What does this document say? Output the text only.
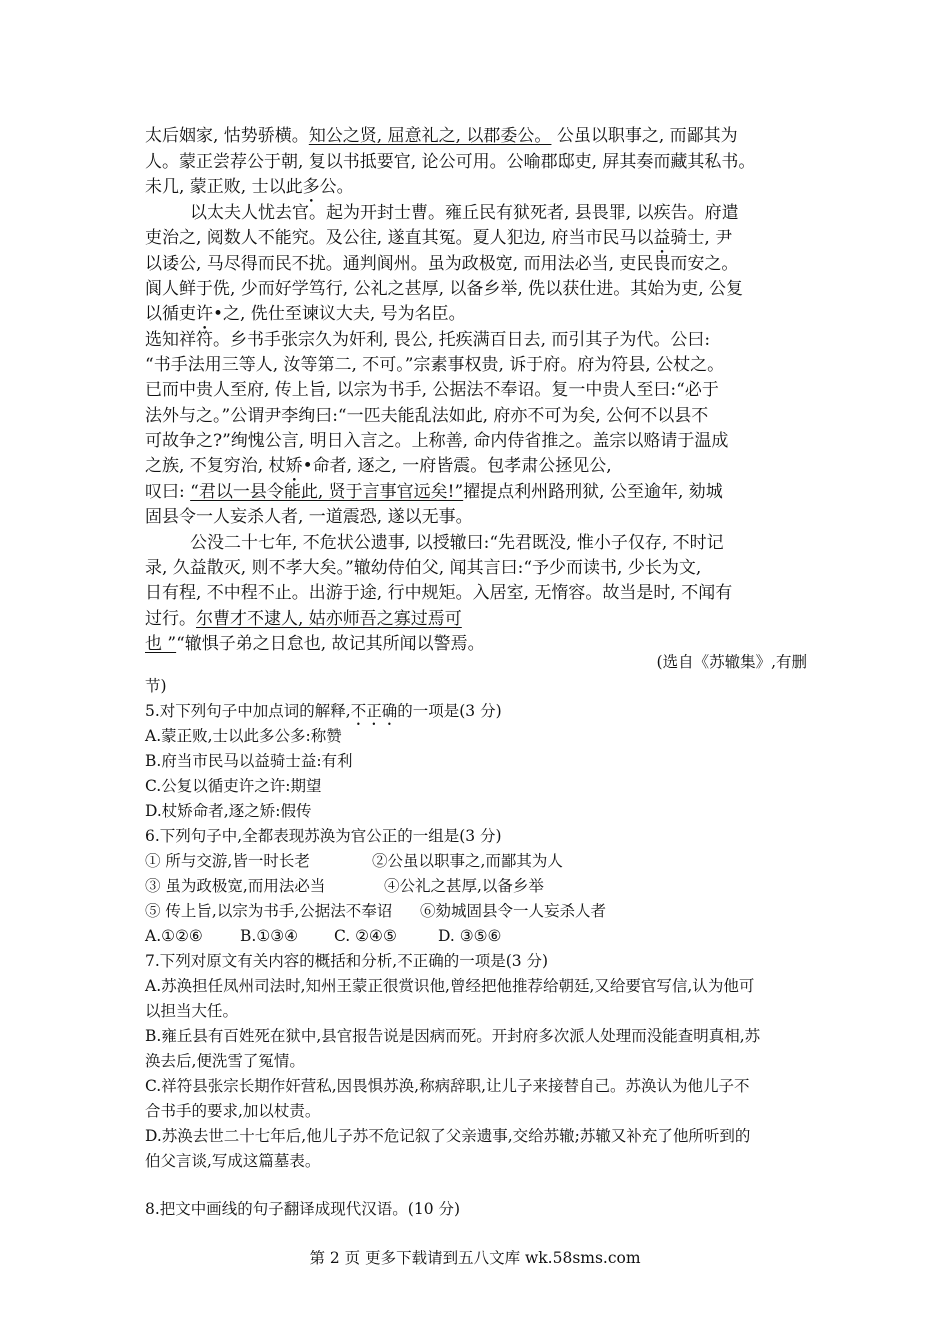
太后姻家, 怙势骄横。知公之贤, 屈意礼之, 以郡委公。 公虽以职事之, 而鄙其为
人。蒙正尝荐公于朝, 复以书抵要官, 论公可用。公喻郡邸吏, 屏其奏而藏其私书。
未几, 蒙正败, 士以此多公。
以太夫人忧去官。起为开封士曹。雍丘民有狱死者, 县畏罪, 以疾告。府遣
吏治之, 阅数人不能究。及公往, 遂直其冤。夏人犯边, 府当市民马以益骑士, 尹
以诿公, 马尽得而民不扰。通判阆州。虽为政极宽, 而用法必当, 吏民畏而安之。
阆人鲜于侁, 少而好学笃行, 公礼之甚厚, 以备乡举, 侁以获仕进。其始为吏, 公复
以循吏许•之, 侁仕至谏议大夫, 号为名臣。
选知祥符。乡书手张宗久为奸利, 畏公, 托疾满百日去, 而引其子为代。公曰:
“书手法用三等人, 汝等第二, 不可。”宗素事权贵, 诉于府。府为符县, 公杖之。
已而中贵人至府, 传上旨, 以宗为书手, 公据法不奉诏。复一中贵人至曰:“必于
法外与之。”公谓尹李绚曰:“一匹夫能乱法如此, 府亦不可为矣, 公何不以县不
可故争之?”绚愧公言, 明日入言之。上称善, 命内侍省推之。盖宗以赂请于温成
之族, 不复穷治, 杖矫•命者, 逐之, 一府皆震。包孝肃公拯见公,
叹曰: “君以一县令能此, 贤于言事官远矣!”擢提点利州路刑狱, 公至逾年, 劾城
固县令一人妄杀人者, 一道震恐, 遂以无事。
公没二十七年, 不危状公遗事, 以授辙曰:“先君既没, 惟小子仅存, 不时记
录, 久益散灭, 则不孝大矣。”辙幼侍伯父, 闻其言曰:“予少而读书, 少长为文,
日有程, 不中程不止。出游于途, 行中规矩。入居室, 无惰容。故当是时, 不闻有
过行。尔曹才不逮人, 姑亦师吾之寡过焉可
也 ”“辙惧子弟之日怠也, 故记其所闻以警焉。
(选自《苏辙集》,有删
节)
5.对下列句子中加点词的解释,不正确的一项是(3 分)
A.蒙正败,士以此多公多:称赞
B.府当市民马以益骑士益:有利
C.公复以循吏许之许:期望
D.杖矫命者,逐之矫:假传
6.下列句子中,全都表现苏涣为官公正的一组是(3 分)
① 所与交游,皆一时长老	②公虽以职事之,而鄙其为人
③ 虽为政极宽,而用法必当	④公礼之甚厚,以备乡举
⑤ 传上旨,以宗为书手,公据法不奉诏 ⑥劾城固县令一人妄杀人者
A.①②⑥ B.①③④ C. ②④⑤	D. ③⑤⑥
7.下列对原文有关内容的概括和分析,不正确的一项是(3 分)
A.苏涣担任凤州司法时,知州王蒙正很赏识他,曾经把他推荐给朝廷,又给要官写信,认为他可
以担当大任。
B.雍丘县有百姓死在狱中,县官报告说是因病而死。开封府多次派人处理而没能查明真相,苏
涣去后,便洗雪了冤情。
C.祥符县张宗长期作奸营私,因畏惧苏涣,称病辞职,让儿子来接替自己。苏涣认为他儿子不
合书手的要求,加以杖责。
D.苏涣去世二十七年后,他儿子苏不危记叙了父亲遗事,交给苏辙;苏辙又补充了他所听到的
伯父言谈,写成这篇墓表。
8.把文中画线的句子翻译成现代汉语。(10 分)
第 2 页 更多下载请到五八文库 wk.58sms.com
